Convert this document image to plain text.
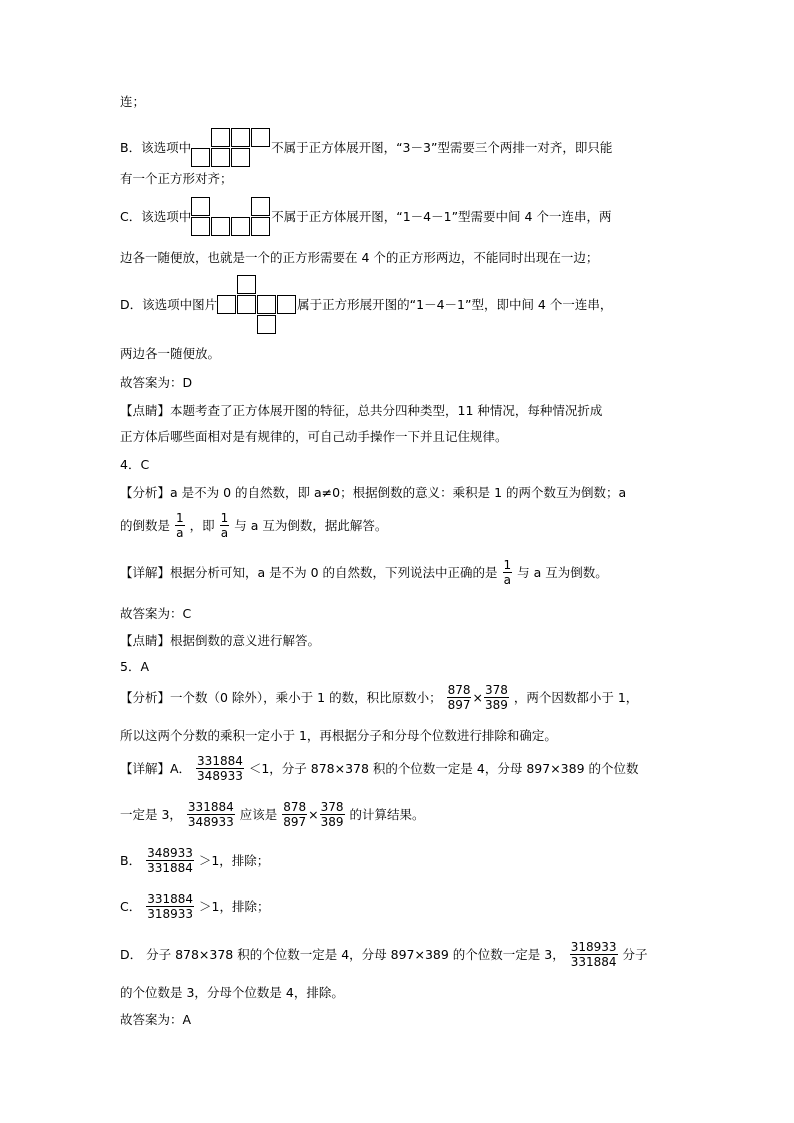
连；
B．该选项中	不属于正方体展开图，“3－3”型需要三个两排一对齐，即只能
有一个正方形对齐；
C．该选项中	不属于正方体展开图，“1－4－1”型需要中间 4 个一连串，两
边各一随便放，也就是一个的正方形需要在 4 个的正方形两边，不能同时出现在一边；
D．该选项中图片	属于正方形展开图的“1－4－1”型，即中间 4 个一连串，
两边各一随便放。
故答案为：D
【点睛】本题考查了正方体展开图的特征，总共分四种类型，11 种情况，每种情况折成
正方体后哪些面相对是有规律的，可自己动手操作一下并且记住规律。
4．C
【分析】a 是不为 0 的自然数，即 a≠0；根据倒数的意义：乘积是 1 的两个数互为倒数；a
的倒数是 $\frac{1}{a}$ ，即 $\frac{1}{a}$ 与 a 互为倒数，据此解答。
【详解】根据分析可知，a 是不为 0 的自然数，下列说法中正确的是 $\frac{1}{a}$ 与 a 互为倒数。
故答案为：C
【点睛】根据倒数的意义进行解答。
5．A
【分析】一个数（0 除外），乘小于 1 的数，积比原数小； $\frac{878}{897} \times \frac{378}{389}$ ，两个因数都小于 1，
所以这两个分数的乘积一定小于 1，再根据分子和分母个位数进行排除和确定。
【详解】A． $\frac{331884}{348933} <1$，分子 878×378 积的个位数一定是 4，分母 897×389 的个位数
一定是 3， $\frac{331884}{348933}$ 应该是 $\frac{878}{897} \times \frac{378}{389}$ 的计算结果。
B． $\frac{348933}{331884} >1$，排除；
C． $\frac{331884}{318933} >1$，排除；
D． 分子 878×378 积的个位数一定是 4，分母 897×389 的个位数一定是 3， $\frac{318933}{331884}$ 分子
的个位数是 3，分母个位数是 4，排除。
故答案为：A
